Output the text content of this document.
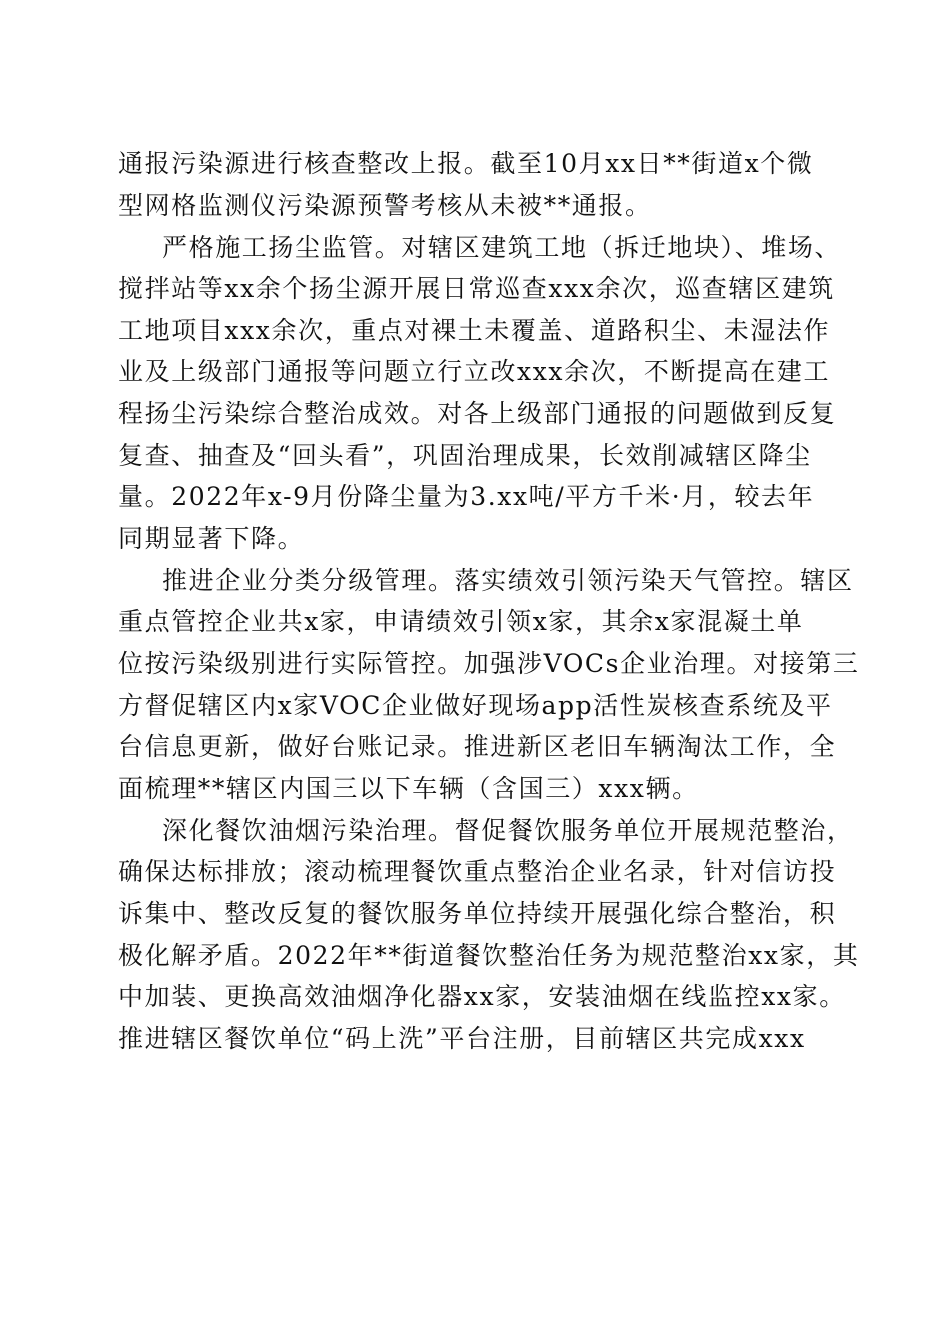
通报污染源进行核查整改上报。截至10月xx日**街道x个微
型网格监测仪污染源预警考核从未被**通报。
严格施工扬尘监管。对辖区建筑工地（拆迁地块）、堆场、
搅拌站等xx余个扬尘源开展日常巡查xxx余次，巡查辖区建筑
工地项目xxx余次，重点对裸土未覆盖、道路积尘、未湿法作
业及上级部门通报等问题立行立改xxx余次，不断提高在建工
程扬尘污染综合整治成效。对各上级部门通报的问题做到反复
复查、抽查及“回头看”，巩固治理成果，长效削减辖区降尘
量。2022年x-9月份降尘量为3.xx吨/平方千米·月，较去年
同期显著下降。
推进企业分类分级管理。落实绩效引领污染天气管控。辖区
重点管控企业共x家，申请绩效引领x家，其余x家混凝土单
位按污染级别进行实际管控。加强涉VOCs企业治理。对接第三
方督促辖区内x家VOC企业做好现场app活性炭核查系统及平
台信息更新，做好台账记录。推进新区老旧车辆淘汰工作，全
面梳理**辖区内国三以下车辆（含国三）xxx辆。
深化餐饮油烟污染治理。督促餐饮服务单位开展规范整治，
确保达标排放；滚动梳理餐饮重点整治企业名录，针对信访投
诉集中、整改反复的餐饮服务单位持续开展强化综合整治，积
极化解矛盾。2022年**街道餐饮整治任务为规范整治xx家，其
中加装、更换高效油烟净化器xx家，安装油烟在线监控xx家。
推进辖区餐饮单位“码上洗”平台注册，目前辖区共完成xxx
